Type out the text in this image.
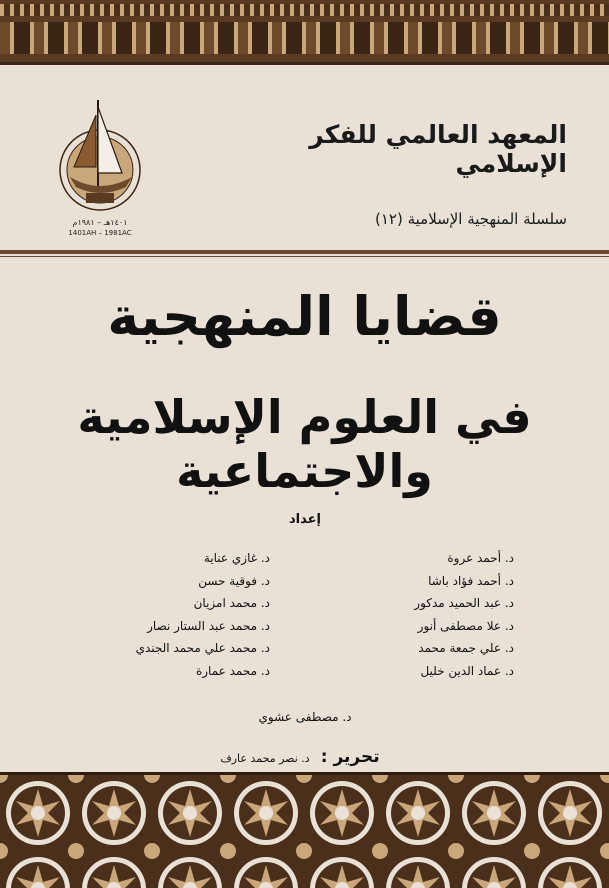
١٤٠١هـ – ١٩٨١م
1401AH – 1981AC
المعهد العالمي للفكر الإسلامي
سلسلة المنهجية الإسلامية (١٢)
قضايا المنهجية
في العلوم الإسلامية والاجتماعية
إعداد
د. أحمد عروة
د. أحمد فؤاد باشا
د. عبد الحميد مدكور
د. علا مصطفى أنور
د. علي جمعة محمد
د. عماد الدين خليل
د. غازي عناية
د. فوقية حسن
د. محمد امزيان
د. محمد عبد الستار نصار
د. محمد علي محمد الجندي
د. محمد عمارة
د. مصطفى عشوي
تحرير : د. نصر محمد عارف
